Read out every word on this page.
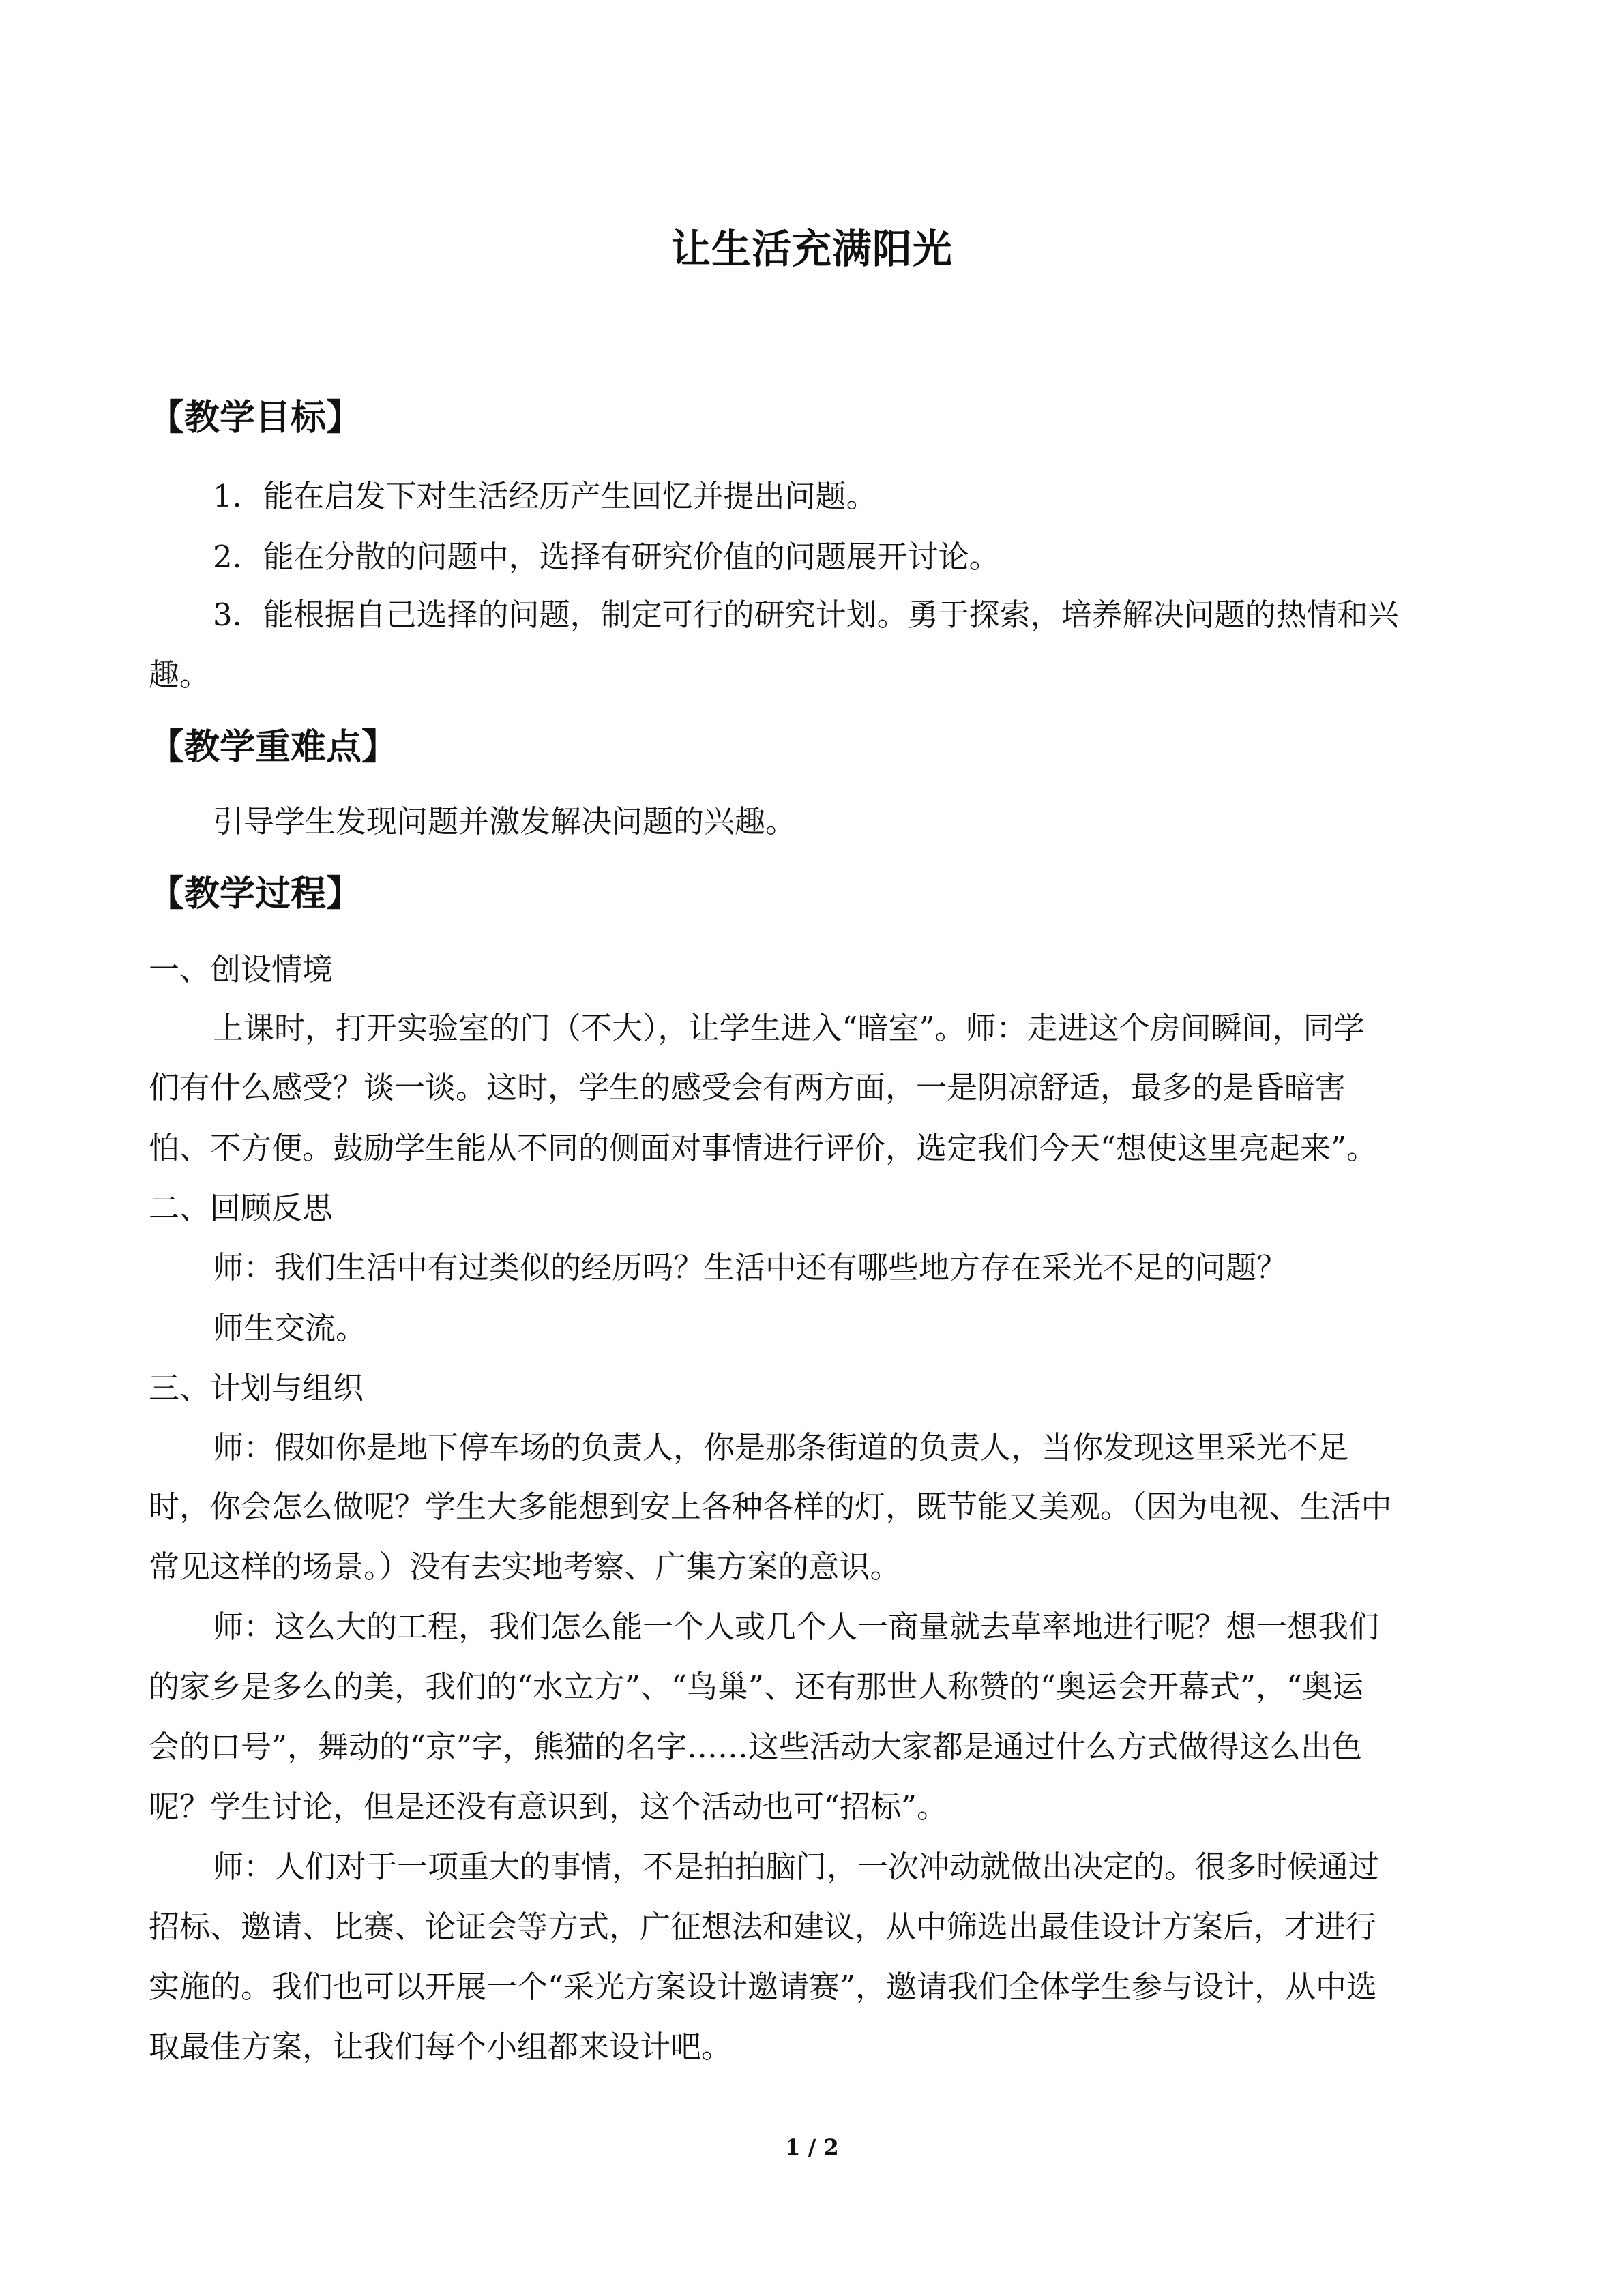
让生活充满阳光
【教学目标】
1．能在启发下对生活经历产生回忆并提出问题。
2．能在分散的问题中，选择有研究价值的问题展开讨论。
3．能根据自己选择的问题，制定可行的研究计划。勇于探索，培养解决问题的热情和兴
趣。
【教学重难点】
引导学生发现问题并激发解决问题的兴趣。
【教学过程】
一、创设情境
上课时，打开实验室的门（不大），让学生进入“暗室”。师：走进这个房间瞬间，同学
们有什么感受？谈一谈。这时，学生的感受会有两方面，一是阴凉舒适，最多的是昏暗害
怕、不方便。鼓励学生能从不同的侧面对事情进行评价，选定我们今天“想使这里亮起来”。
二、回顾反思
师：我们生活中有过类似的经历吗？生活中还有哪些地方存在采光不足的问题？
师生交流。
三、计划与组织
师：假如你是地下停车场的负责人，你是那条街道的负责人，当你发现这里采光不足
时，你会怎么做呢？学生大多能想到安上各种各样的灯，既节能又美观。（因为电视、生活中
常见这样的场景。）没有去实地考察、广集方案的意识。
师：这么大的工程，我们怎么能一个人或几个人一商量就去草率地进行呢？想一想我们
的家乡是多么的美，我们的“水立方”、“鸟巢”、还有那世人称赞的“奥运会开幕式”，“奥运
会的口号”，舞动的“京”字，熊猫的名字……这些活动大家都是通过什么方式做得这么出色
呢？学生讨论，但是还没有意识到，这个活动也可“招标”。
师：人们对于一项重大的事情，不是拍拍脑门，一次冲动就做出决定的。很多时候通过
招标、邀请、比赛、论证会等方式，广征想法和建议，从中筛选出最佳设计方案后，才进行
实施的。我们也可以开展一个“采光方案设计邀请赛”，邀请我们全体学生参与设计，从中选
取最佳方案，让我们每个小组都来设计吧。
1 / 2
